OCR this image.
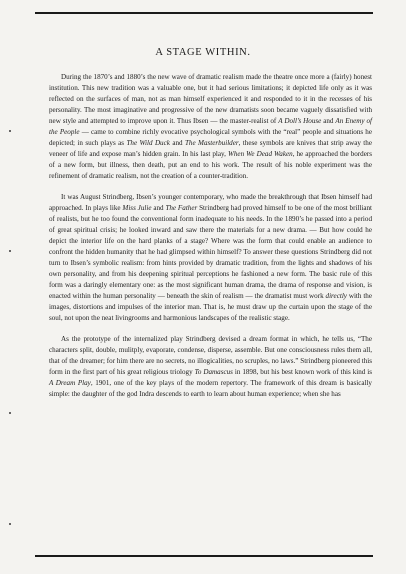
A STAGE WITHIN.

During the 1870’s and 1880’s the new wave of dramatic realism made the theatre once more a (fairly) honest institution. This new tradition was a valuable one, but it had serious limitations; it depicted life only as it was reflected on the surfaces of man, not as man himself experienced it and responded to it in the recesses of his personality. The most imaginative and progressive of the new dramatists soon became vaguely dissatisfied with new style and attempted to improve upon it. Thus Ibsen — the master-realist of A Doll’s House and An Enemy of the People — came to combine richly evocative psychological symbols with the “real” people and situations he depicted; in such plays as The Wild Duck and The Masterbuilder, these symbols are knives that strip away the veneer of life and expose man’s hidden grain. In his last play, When We Dead Waken, he approached the borders of a new form, but illness, then death, put an end to his work. The result of his noble experiment was the refinement of dramatic realism, not the creation of a counter-tradition.

It was August Strindberg, Ibsen’s younger contemporary, who made the breakthrough that Ibsen himself had approached. In plays like Miss Julie and The Father Strindberg had proved himself to be one of the most brilliant of realists, but he too found the conventional form inadequate to his needs. In the 1890’s he passed into a period of great spiritual crisis; he looked inward and saw there the materials for a new drama. — But how could he depict the interior life on the hard planks of a stage? Where was the form that could enable an audience to confront the hidden humanity that he had glimpsed within himself? To answer these questions Strindberg did not turn to Ibsen’s symbolic realism: from hints provided by dramatic tradition, from the lights and shadows of his own personality, and from his deepening spiritual perceptions he fashioned a new form. The basic rule of this form was a daringly elementary one: as the most significant human drama, the drama of response and vision, is enacted within the human personality — beneath the skin of realism — the dramatist must work directly with the images, distortions and impulses of the interior man. That is, he must draw up the curtain upon the stage of the soul, not upon the neat livingrooms and harmonious landscapes of the realistic stage.

As the prototype of the internalized play Strindberg devised a dream format in which, he tells us, “The characters split, double, mulitply, evaporate, condense, disperse, assemble. But one consciousness rules them all, that of the dreamer; for him there are no secrets, no illogicalities, no scruples, no laws.” Strindberg pioneered this form in the first part of his great religious triology To Damascus in 1898, but his best known work of this kind is A Dream Play, 1901, one of the key plays of the modern repertory. The framework of this dream is basically simple: the daughter of the god Indra descends to earth to learn about human experience; when she has
